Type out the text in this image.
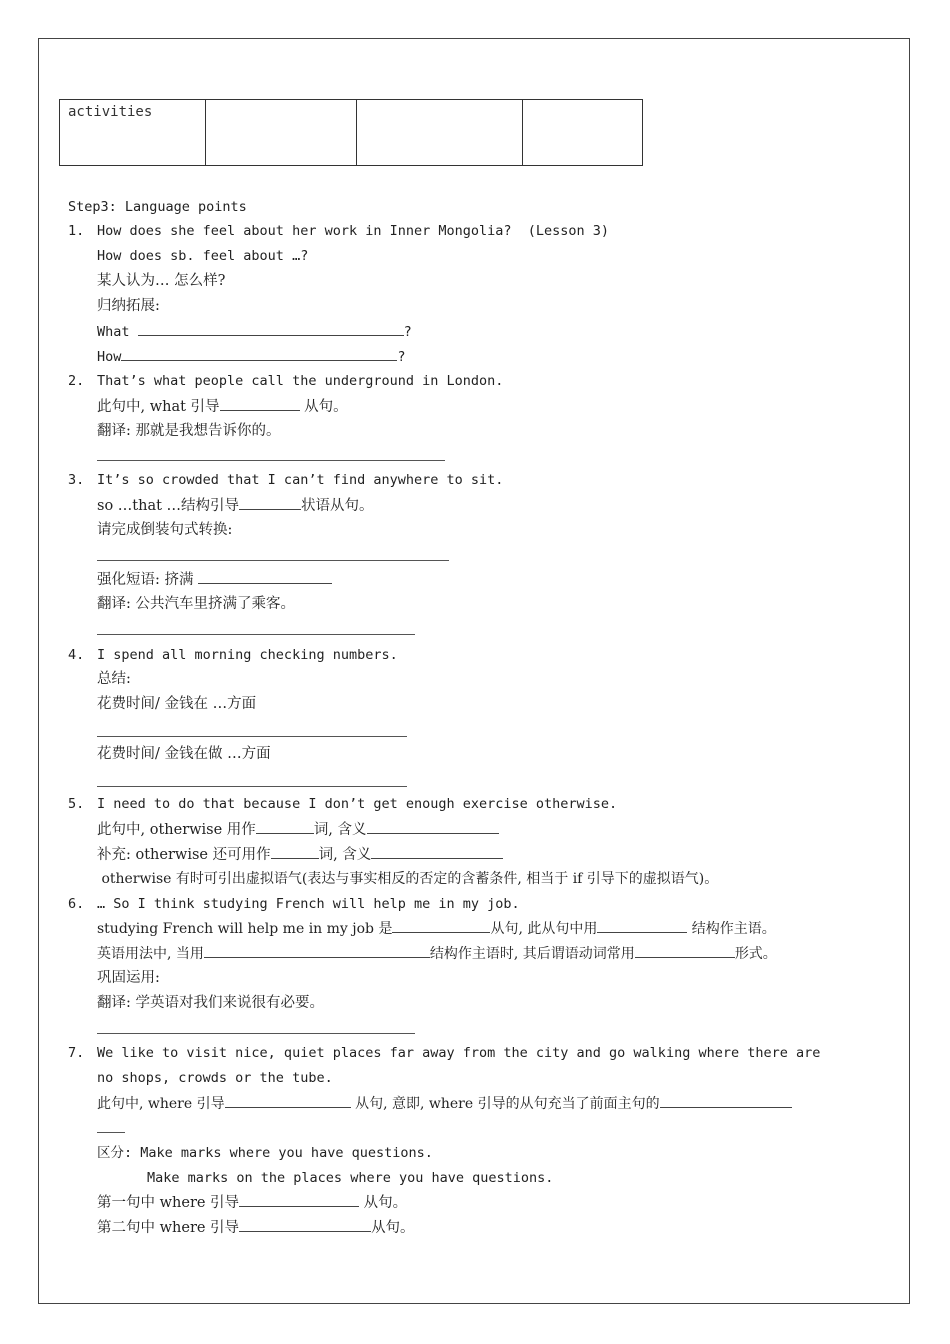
activities			
Step3: Language points
1. How does she feel about her work in Inner Mongolia?  (Lesson 3)
How does sb. feel about …?
某人认为… 怎么样?
归纳拓展:
What	?
How	?
2. That’s what people call the underground in London.
此句中, what 引导	从句。
翻译: 那就是我想告诉你的。
3. It’s so crowded that I can’t find anywhere to sit.
so …that …结构引导	状语从句。
请完成倒装句式转换:
强化短语: 挤满
翻译: 公共汽车里挤满了乘客。
4. I spend all morning checking numbers.
总结:
花费时间/ 金钱在 …方面
花费时间/ 金钱在做 …方面
5. I need to do that because I don’t get enough exercise otherwise.
此句中, otherwise 用作	词, 含义
补充: otherwise 还可用作	词, 含义
otherwise 有时可引出虚拟语气(表达与事实相反的否定的含蓄条件, 相当于 if 引导下的虚拟语气)。
6. … So I think studying French will help me in my job.
studying French will help me in my job 是	从句, 此从句中用	结构作主语。
英语用法中, 当用	结构作主语时, 其后谓语动词常用	形式。
巩固运用:
翻译: 学英语对我们来说很有必要。
7. We like to visit nice, quiet places far away from the city and go walking where there are
no shops, crowds or the tube.
此句中, where 引导	从句, 意即, where 引导的从句充当了前面主句的
区分: Make marks where you have questions.
Make marks on the places where you have questions.
第一句中 where 引导	从句。
第二句中 where 引导	从句。
